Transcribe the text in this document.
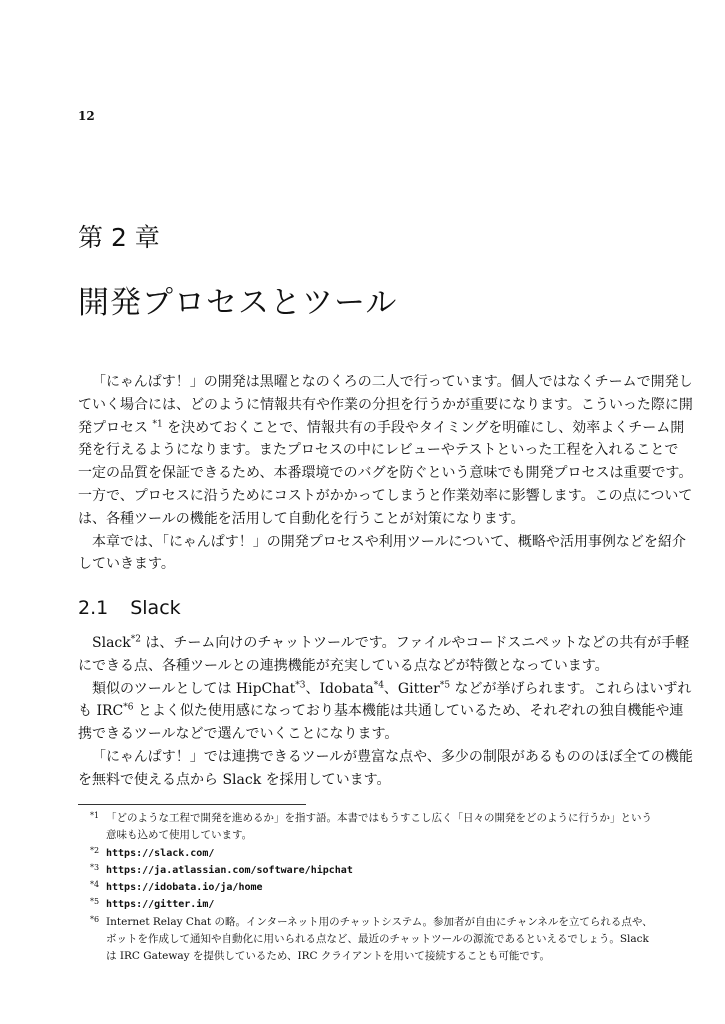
12
第 2 章
開発プロセスとツール
「にゃんぱす！」の開発は黒曜となのくろの二人で行っています。個人ではなくチームで開発し
ていく場合には、どのように情報共有や作業の分担を行うかが重要になります。こういった際に開
発プロセス $^{*1}$ を決めておくことで、情報共有の手段やタイミングを明確にし、効率よくチーム開
発を行えるようになります。またプロセスの中にレビューやテストといった工程を入れることで
一定の品質を保証できるため、本番環境でのバグを防ぐという意味でも開発プロセスは重要です。
一方で、プロセスに沿うためにコストがかかってしまうと作業効率に影響します。この点について
は、各種ツールの機能を活用して自動化を行うことが対策になります。
本章では、「にゃんぱす！」の開発プロセスや利用ツールについて、概略や活用事例などを紹介
していきます。
2.1 Slack
Slack$^{*2}$ は、チーム向けのチャットツールです。ファイルやコードスニペットなどの共有が手軽
にできる点、各種ツールとの連携機能が充実している点などが特徴となっています。
類似のツールとしては HipChat$^{*3}$、Idobata$^{*4}$、Gitter$^{*5}$ などが挙げられます。これらはいずれ
も IRC$^{*6}$ とよく似た使用感になっており基本機能は共通しているため、それぞれの独自機能や連
携できるツールなどで選んでいくことになります。
「にゃんぱす！」では連携できるツールが豊富な点や、多少の制限があるもののほぼ全ての機能
を無料で使える点から Slack を採用しています。
*1 「どのような工程で開発を進めるか」を指す語。本書ではもうすこし広く「日々の開発をどのように行うか」という
意味も込めて使用しています。
*2 https://slack.com/
*3 https://ja.atlassian.com/software/hipchat
*4 https://idobata.io/ja/home
*5 https://gitter.im/
*6 Internet Relay Chat の略。インターネット用のチャットシステム。参加者が自由にチャンネルを立てられる点や、
ボットを作成して通知や自動化に用いられる点など、最近のチャットツールの源流であるといえるでしょう。Slack
は IRC Gateway を提供しているため、IRC クライアントを用いて接続することも可能です。
